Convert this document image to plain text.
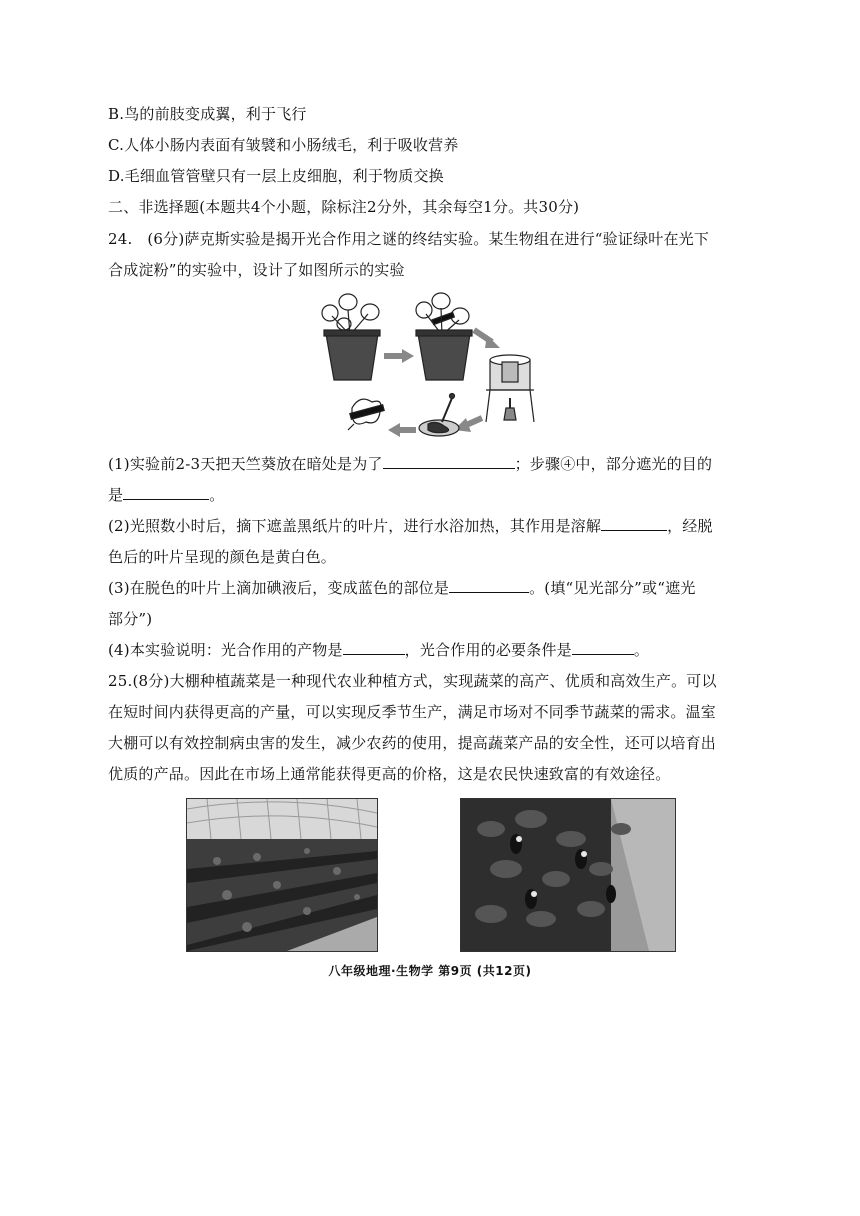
B.鸟的前肢变成翼，利于飞行
C.人体小肠内表面有皱襞和小肠绒毛，利于吸收营养
D.毛细血管管壁只有一层上皮细胞，利于物质交换
二、非选择题(本题共4个小题，除标注2分外，其余每空1分。共30分)
24.   (6分)萨克斯实验是揭开光合作用之谜的终结实验。某生物组在进行“验证绿叶在光下
合成淀粉”的实验中，设计了如图所示的实验
(1)实验前2-3天把天竺葵放在暗处是为了	；步骤④中，部分遮光的目的
是	。
(2)光照数小时后，摘下遮盖黑纸片的叶片，进行水浴加热，其作用是溶解	，经脱
色后的叶片呈现的颜色是黄白色。
(3)在脱色的叶片上滴加碘液后，变成蓝色的部位是	。(填“见光部分”或“遮光
部分”)
(4)本实验说明：光合作用的产物是	，光合作用的必要条件是	。
25.(8分)大棚种植蔬菜是一种现代农业种植方式，实现蔬菜的高产、优质和高效生产。可以
在短时间内获得更高的产量，可以实现反季节生产，满足市场对不同季节蔬菜的需求。温室
大棚可以有效控制病虫害的发生，减少农药的使用，提高蔬菜产品的安全性，还可以培育出
优质的产品。因此在市场上通常能获得更高的价格，这是农民快速致富的有效途径。
八年级地理·生物学 第9页 (共12页)
